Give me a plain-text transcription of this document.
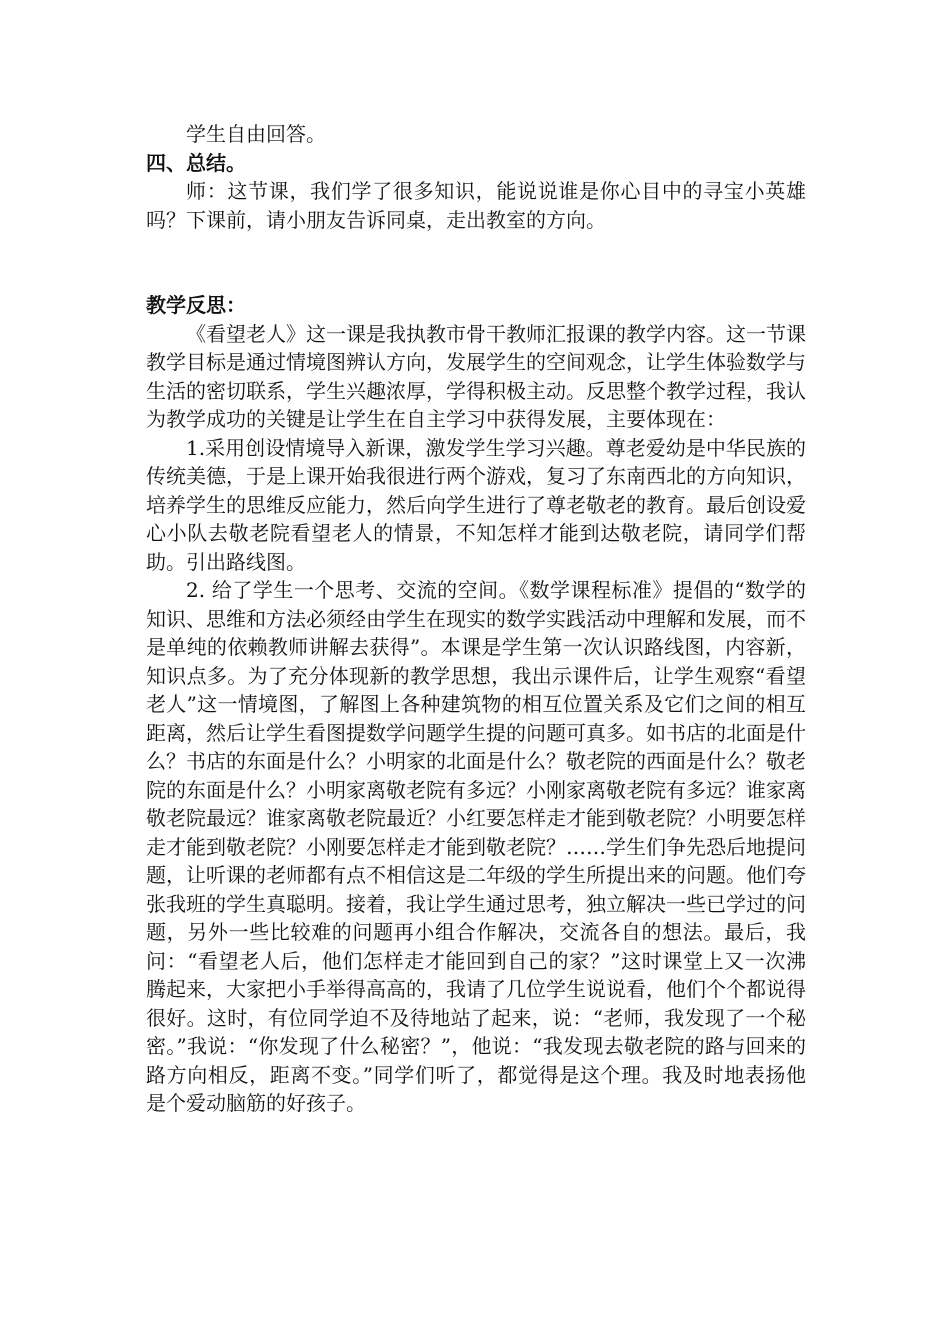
学生自由回答。

四、总结。

师：这节课，我们学了很多知识，能说说谁是你心目中的寻宝小英雄吗？下课前，请小朋友告诉同桌，走出教室的方向。

教学反思：

《看望老人》这一课是我执教市骨干教师汇报课的教学内容。这一节课教学目标是通过情境图辨认方向，发展学生的空间观念，让学生体验数学与生活的密切联系，学生兴趣浓厚，学得积极主动。反思整个教学过程，我认为教学成功的关键是让学生在自主学习中获得发展，主要体现在：

1.采用创设情境导入新课，激发学生学习兴趣。尊老爱幼是中华民族的传统美德，于是上课开始我很进行两个游戏，复习了东南西北的方向知识，培养学生的思维反应能力，然后向学生进行了尊老敬老的教育。最后创设爱心小队去敬老院看望老人的情景，不知怎样才能到达敬老院，请同学们帮助。引出路线图。

2. 给了学生一个思考、交流的空间。《数学课程标准》提倡的“数学的知识、思维和方法必须经由学生在现实的数学实践活动中理解和发展，而不是单纯的依赖教师讲解去获得”。本课是学生第一次认识路线图，内容新，知识点多。为了充分体现新的教学思想，我出示课件后，让学生观察“看望老人”这一情境图，了解图上各种建筑物的相互位置关系及它们之间的相互距离，然后让学生看图提数学问题学生提的问题可真多。如书店的北面是什么？书店的东面是什么？小明家的北面是什么？敬老院的西面是什么？敬老院的东面是什么？小明家离敬老院有多远？小刚家离敬老院有多远？谁家离敬老院最远？谁家离敬老院最近？小红要怎样走才能到敬老院？小明要怎样走才能到敬老院？小刚要怎样走才能到敬老院？……学生们争先恐后地提问题，让听课的老师都有点不相信这是二年级的学生所提出来的问题。他们夸张我班的学生真聪明。接着，我让学生通过思考，独立解决一些已学过的问题，另外一些比较难的问题再小组合作解决，交流各自的想法。最后，我问：“看望老人后，他们怎样走才能回到自己的家？”这时课堂上又一次沸腾起来，大家把小手举得高高的，我请了几位学生说说看，他们个个都说得很好。这时，有位同学迫不及待地站了起来，说：“老师，我发现了一个秘密。”我说：“你发现了什么秘密？”，他说：“我发现去敬老院的路与回来的路方向相反，距离不变。”同学们听了，都觉得是这个理。我及时地表扬他是个爱动脑筋的好孩子。
